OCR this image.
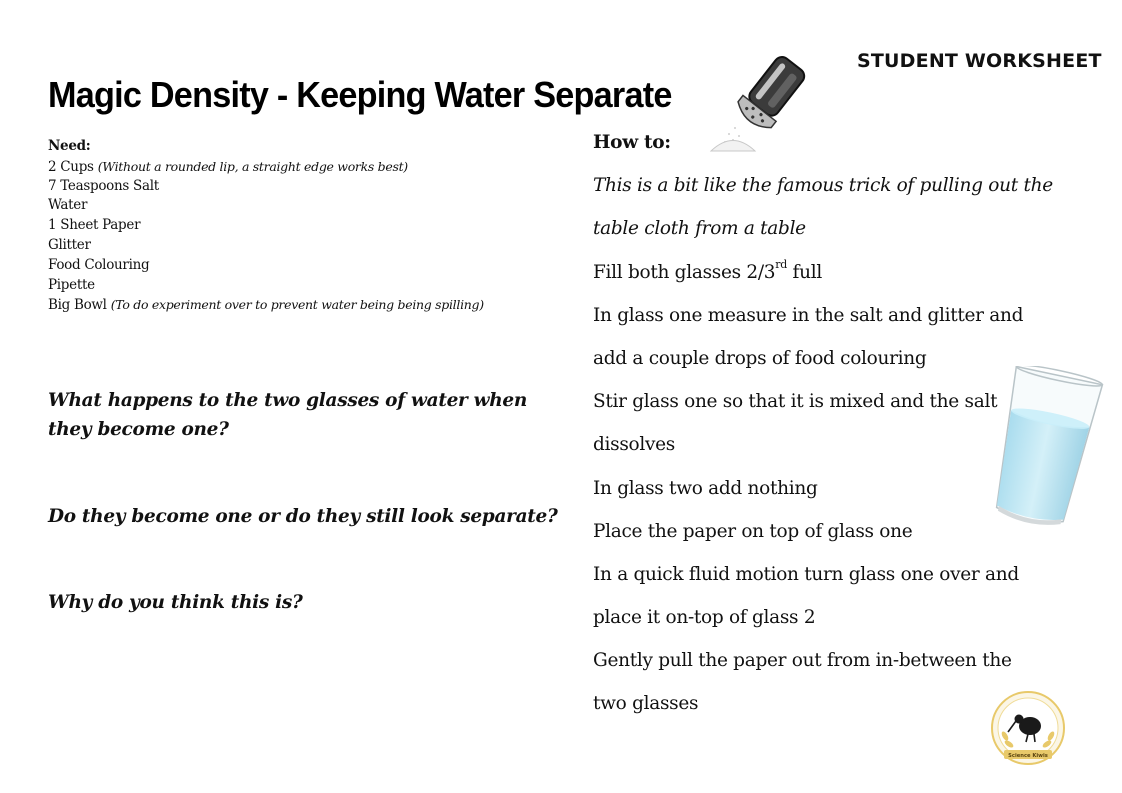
STUDENT WORKSHEET
Magic Density - Keeping Water Separate
Need:
2 Cups (Without a rounded lip, a straight edge works best)
7 Teaspoons Salt
Water
1 Sheet Paper
Glitter
Food Colouring
Pipette
Big Bowl (To do experiment over to prevent water being being spilling)

What happens to the two glasses of water when they become one?

Do they become one or do they still look separate?

Why do you think this is?

How to:
This is a bit like the famous trick of pulling out the
table cloth from a table
Fill both glasses 2/3rd full
In glass one measure in the salt and glitter and
add a couple drops of food colouring
Stir glass one so that it is mixed and the salt
dissolves
In glass two add nothing
Place the paper on top of glass one
In a quick fluid motion turn glass one over and
place it on-top of glass 2
Gently pull the paper out from in-between the
two glasses
Science Kiwis
